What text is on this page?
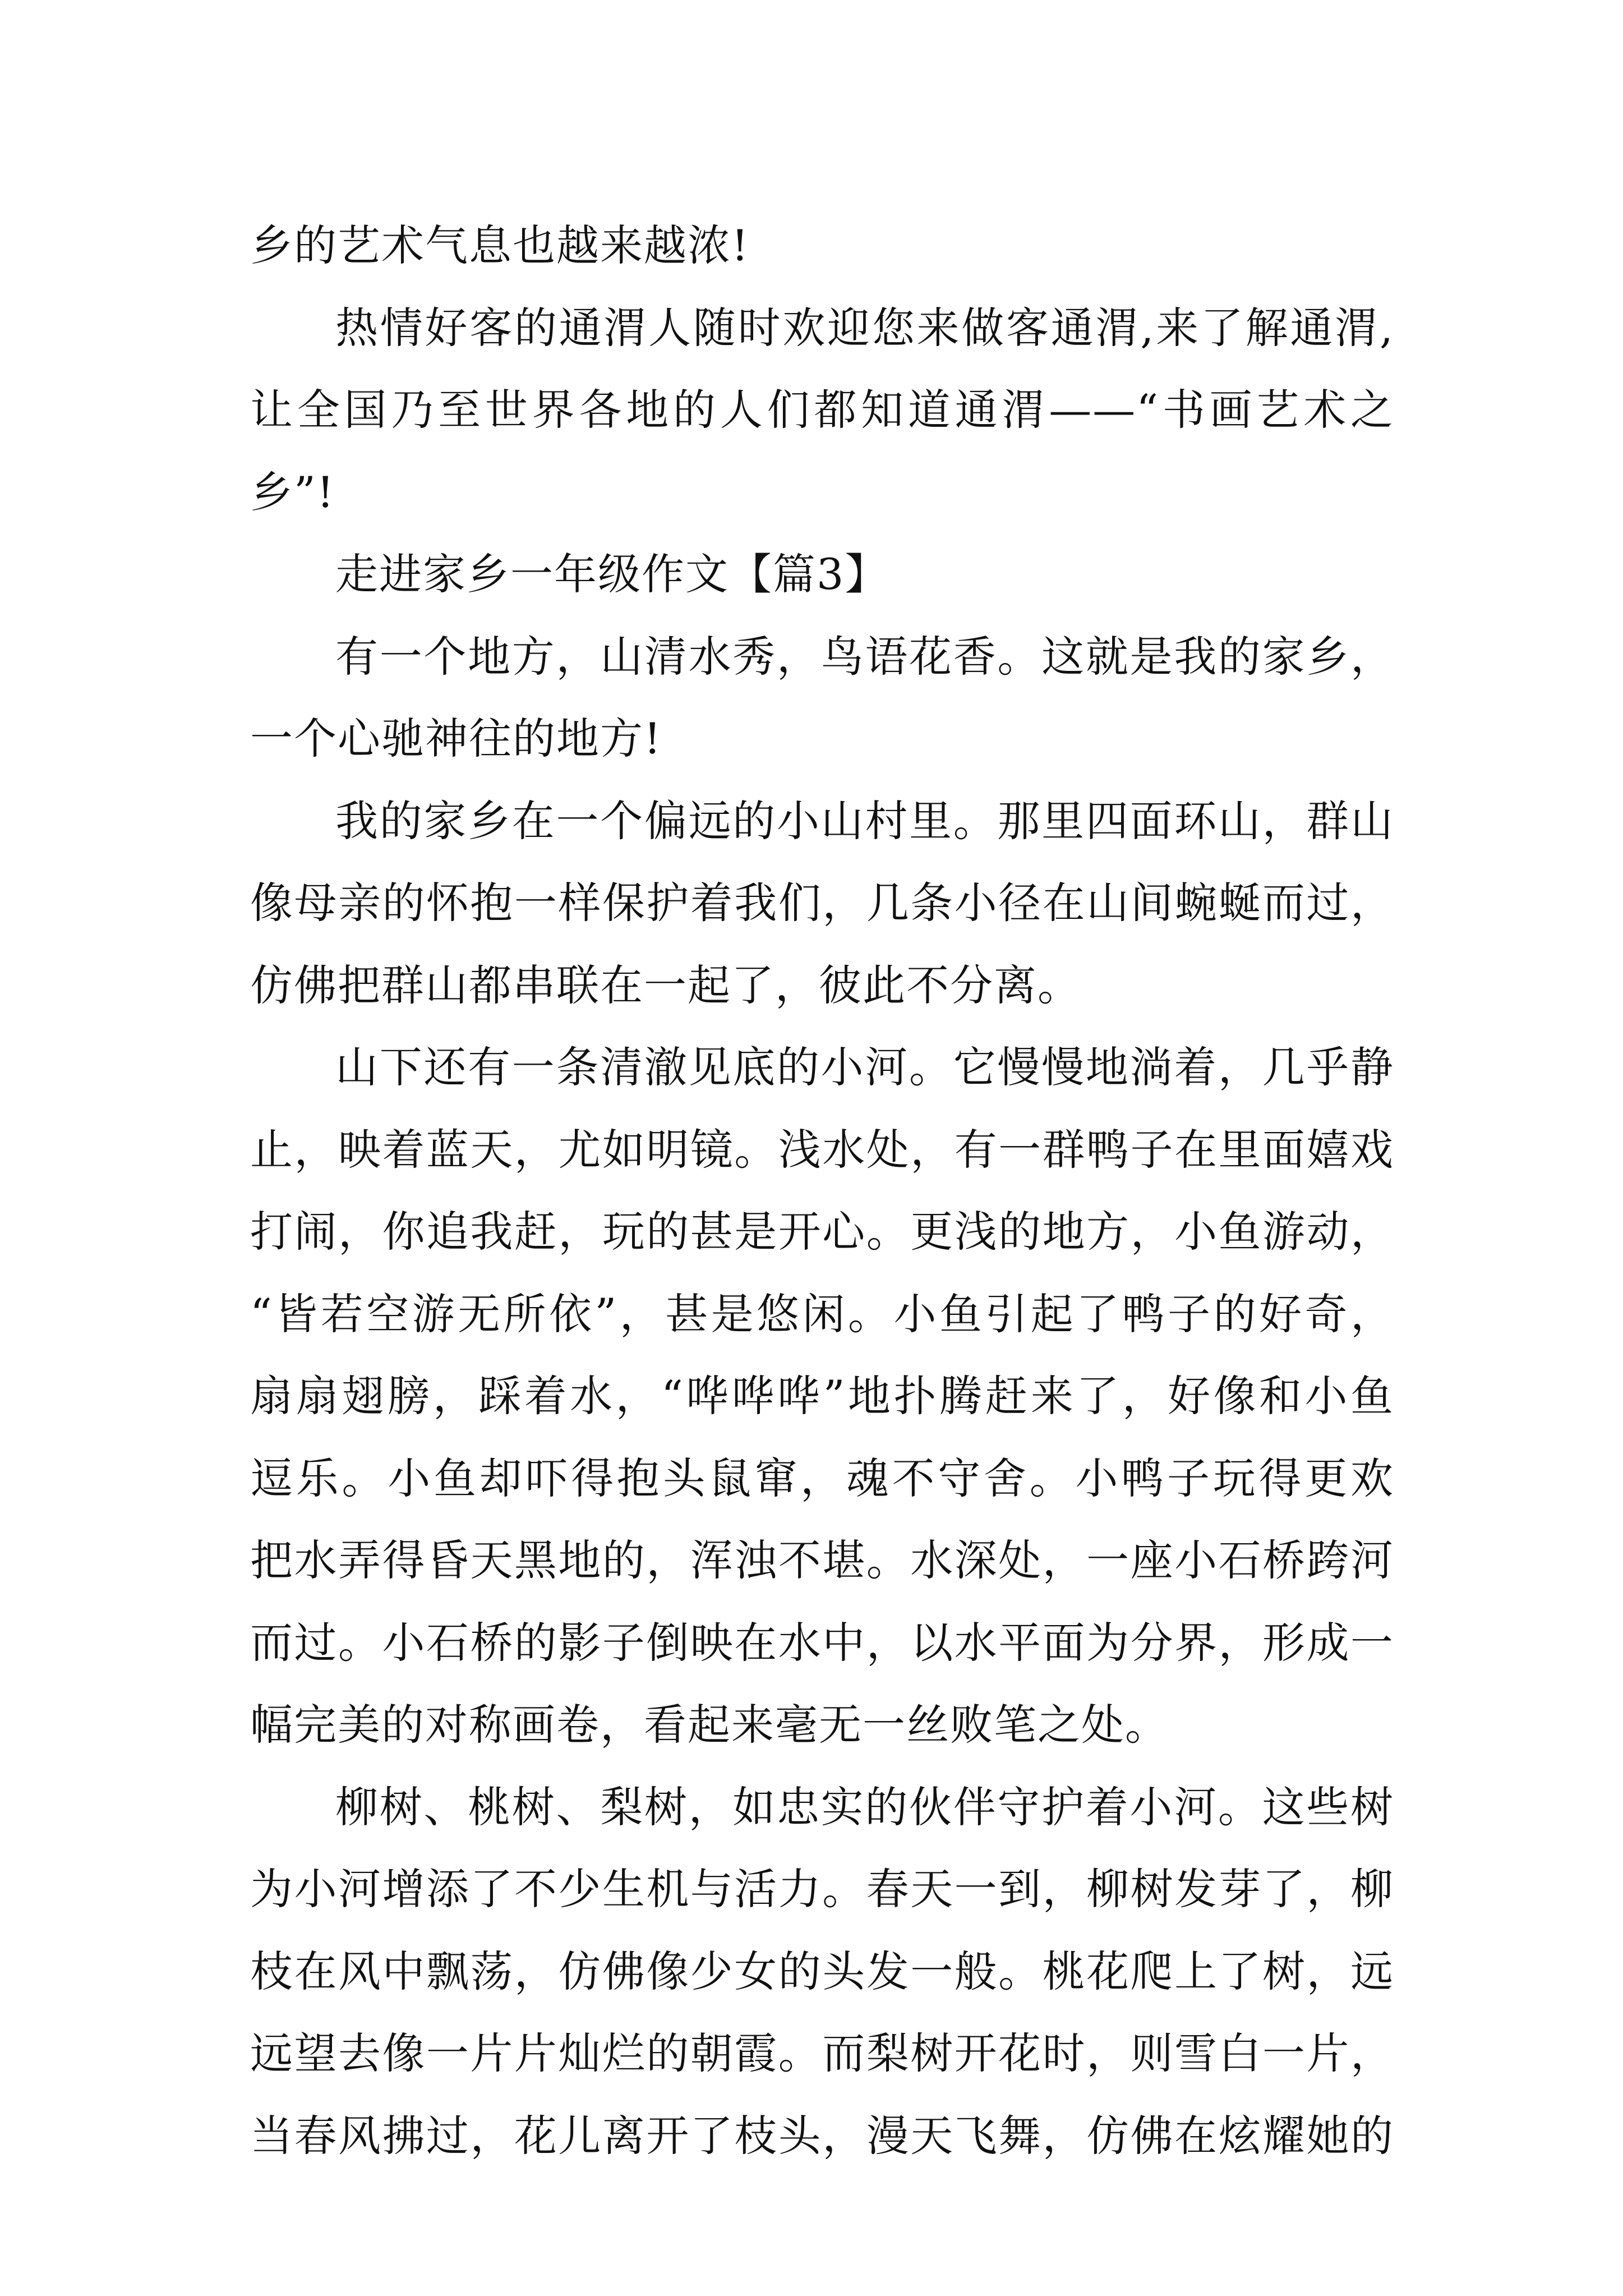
乡的艺术气息也越来越浓!
热情好客的通渭人随时欢迎您来做客通渭,来了解通渭,
让全国乃至世界各地的人们都知道通渭——“书画艺术之
乡”!
走进家乡一年级作文【篇3】
有一个地方，山清水秀，鸟语花香。这就是我的家乡，
一个心驰神往的地方!
我的家乡在一个偏远的小山村里。那里四面环山，群山
像母亲的怀抱一样保护着我们，几条小径在山间蜿蜒而过，
仿佛把群山都串联在一起了，彼此不分离。
山下还有一条清澈见底的小河。它慢慢地淌着，几乎静
止，映着蓝天，尤如明镜。浅水处，有一群鸭子在里面嬉戏
打闹，你追我赶，玩的甚是开心。更浅的地方，小鱼游动，
“皆若空游无所依”，甚是悠闲。小鱼引起了鸭子的好奇，
扇扇翅膀，踩着水，“哗哗哗”地扑腾赶来了，好像和小鱼
逗乐。小鱼却吓得抱头鼠窜，魂不守舍。小鸭子玩得更欢
把水弄得昏天黑地的，浑浊不堪。水深处，一座小石桥跨河
而过。小石桥的影子倒映在水中，以水平面为分界，形成一
幅完美的对称画卷，看起来毫无一丝败笔之处。
柳树、桃树、梨树，如忠实的伙伴守护着小河。这些树
为小河增添了不少生机与活力。春天一到，柳树发芽了，柳
枝在风中飘荡，仿佛像少女的头发一般。桃花爬上了树，远
远望去像一片片灿烂的朝霞。而梨树开花时，则雪白一片，
当春风拂过，花儿离开了枝头，漫天飞舞，仿佛在炫耀她的
